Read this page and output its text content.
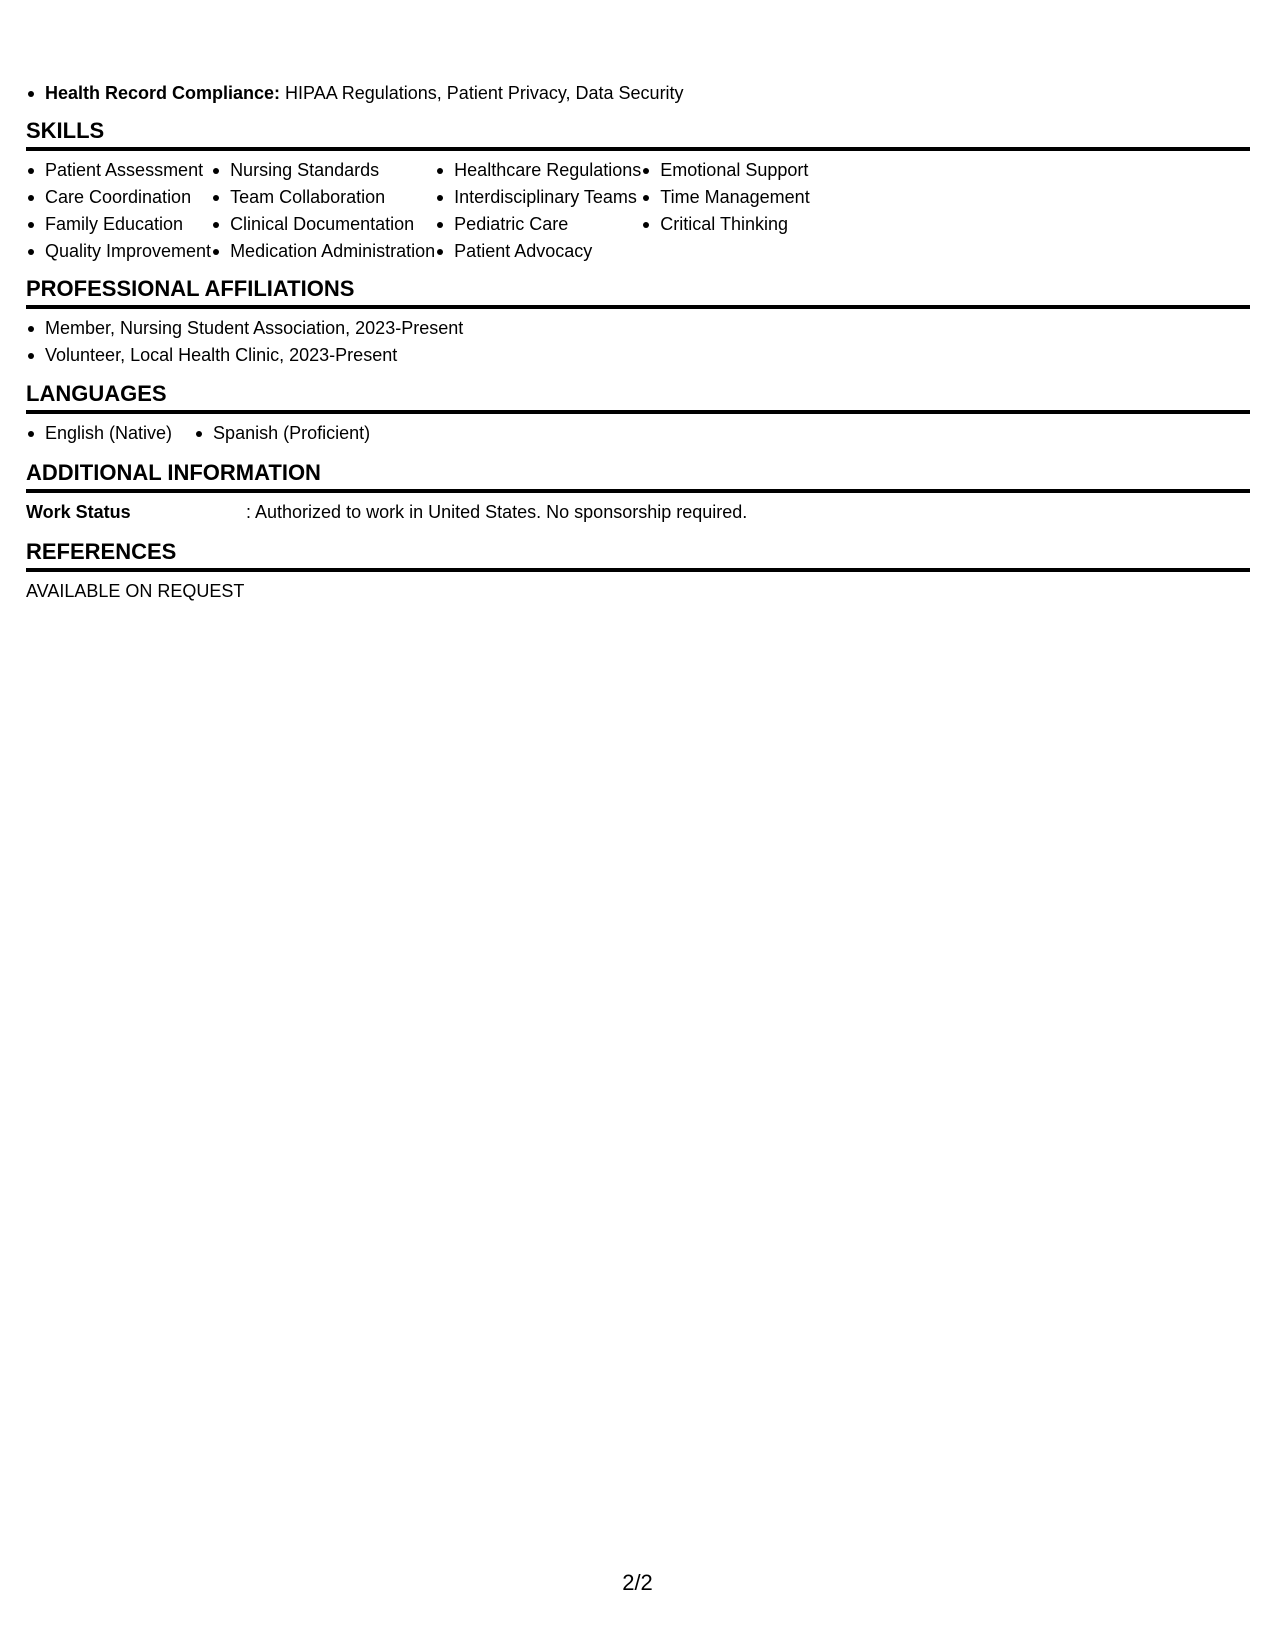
Health Record Compliance: HIPAA Regulations, Patient Privacy, Data Security
SKILLS
Patient Assessment
Care Coordination
Family Education
Quality Improvement
Nursing Standards
Team Collaboration
Clinical Documentation
Medication Administration
Healthcare Regulations
Interdisciplinary Teams
Pediatric Care
Patient Advocacy
Emotional Support
Time Management
Critical Thinking
PROFESSIONAL AFFILIATIONS
Member, Nursing Student Association, 2023-Present
Volunteer, Local Health Clinic, 2023-Present
LANGUAGES
English (Native)	Spanish (Proficient)
ADDITIONAL INFORMATION
Work Status	: Authorized to work in United States. No sponsorship required.
REFERENCES
AVAILABLE ON REQUEST
2/2
